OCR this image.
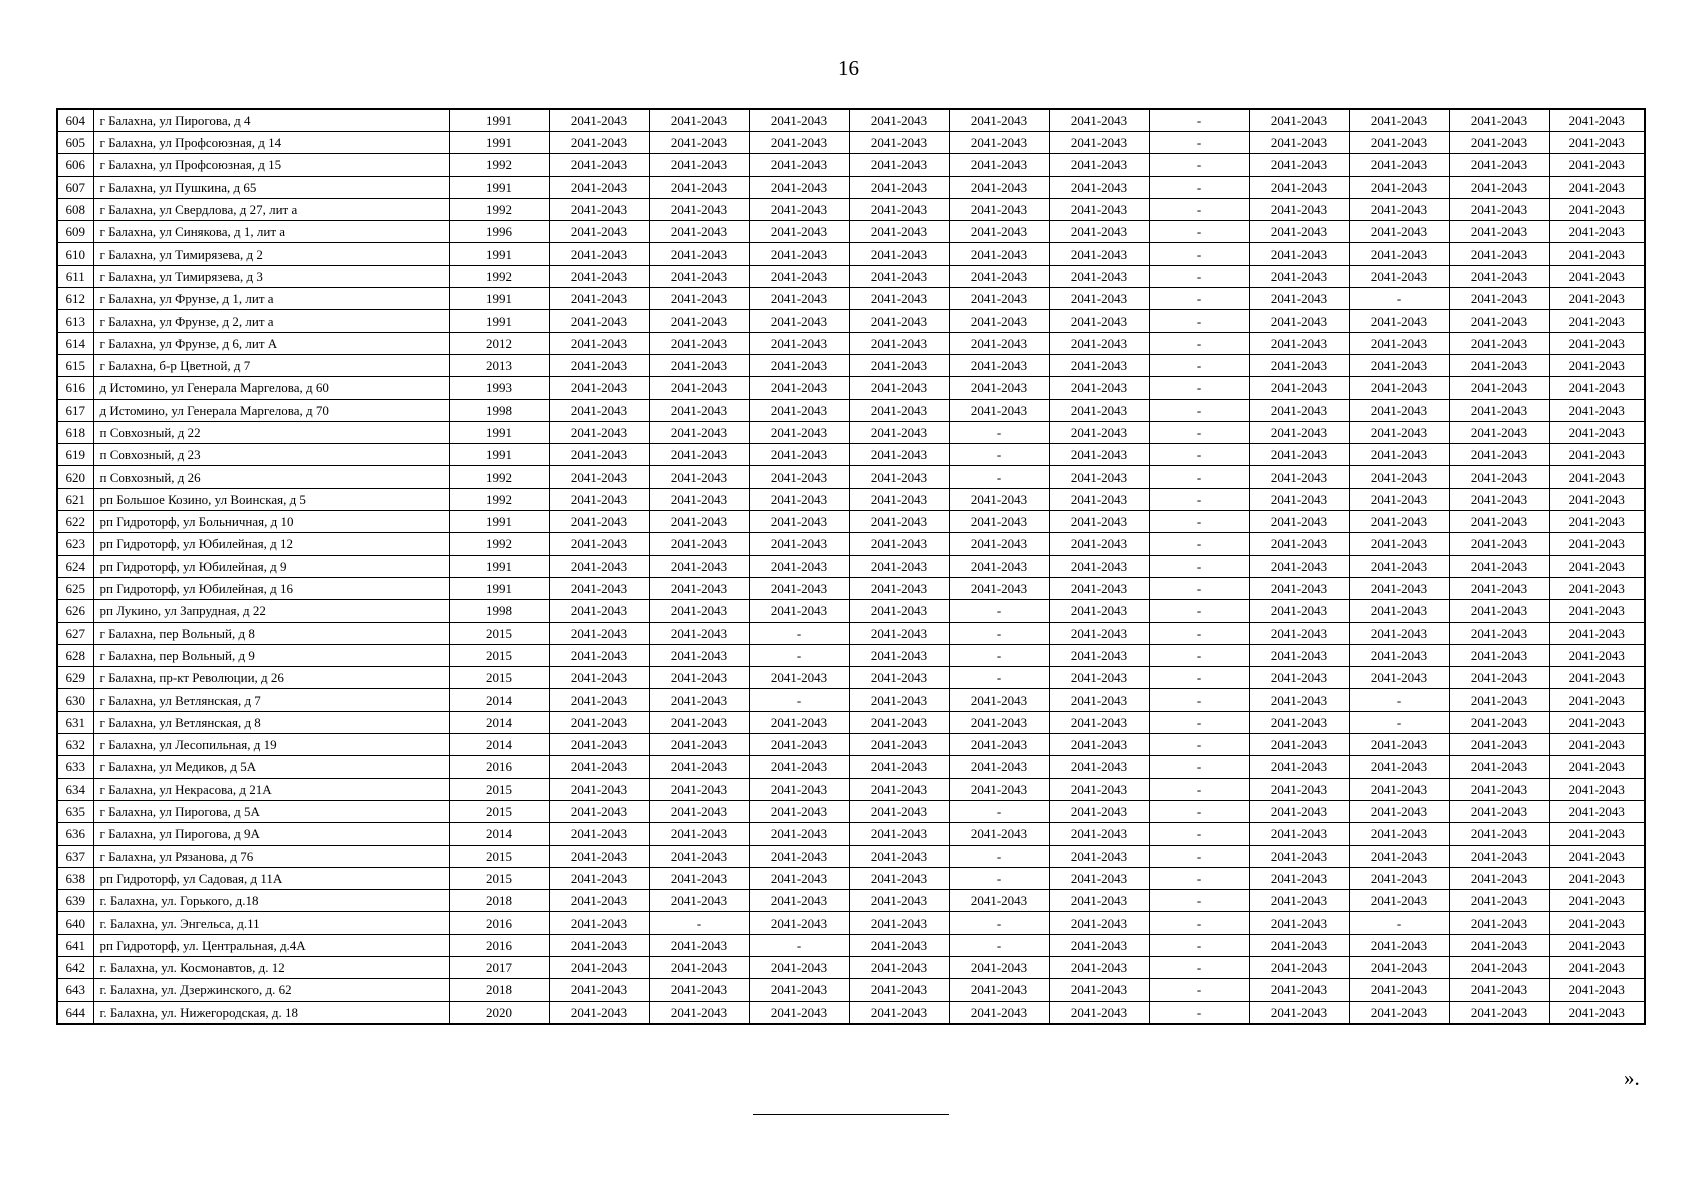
16
604	г Балахна, ул Пирогова, д 4	1991	2041-2043	2041-2043	2041-2043	2041-2043	2041-2043	2041-2043	-	2041-2043	2041-2043	2041-2043	2041-2043
605	г Балахна, ул Профсоюзная, д 14	1991	2041-2043	2041-2043	2041-2043	2041-2043	2041-2043	2041-2043	-	2041-2043	2041-2043	2041-2043	2041-2043
606	г Балахна, ул Профсоюзная, д 15	1992	2041-2043	2041-2043	2041-2043	2041-2043	2041-2043	2041-2043	-	2041-2043	2041-2043	2041-2043	2041-2043
607	г Балахна, ул Пушкина, д 65	1991	2041-2043	2041-2043	2041-2043	2041-2043	2041-2043	2041-2043	-	2041-2043	2041-2043	2041-2043	2041-2043
608	г Балахна, ул Свердлова, д 27, лит а	1992	2041-2043	2041-2043	2041-2043	2041-2043	2041-2043	2041-2043	-	2041-2043	2041-2043	2041-2043	2041-2043
609	г Балахна, ул Синякова, д 1, лит а	1996	2041-2043	2041-2043	2041-2043	2041-2043	2041-2043	2041-2043	-	2041-2043	2041-2043	2041-2043	2041-2043
610	г Балахна, ул Тимирязева, д 2	1991	2041-2043	2041-2043	2041-2043	2041-2043	2041-2043	2041-2043	-	2041-2043	2041-2043	2041-2043	2041-2043
611	г Балахна, ул Тимирязева, д 3	1992	2041-2043	2041-2043	2041-2043	2041-2043	2041-2043	2041-2043	-	2041-2043	2041-2043	2041-2043	2041-2043
612	г Балахна, ул Фрунзе, д 1, лит а	1991	2041-2043	2041-2043	2041-2043	2041-2043	2041-2043	2041-2043	-	2041-2043	-	2041-2043	2041-2043
613	г Балахна, ул Фрунзе, д 2, лит а	1991	2041-2043	2041-2043	2041-2043	2041-2043	2041-2043	2041-2043	-	2041-2043	2041-2043	2041-2043	2041-2043
614	г Балахна, ул Фрунзе, д 6, лит А	2012	2041-2043	2041-2043	2041-2043	2041-2043	2041-2043	2041-2043	-	2041-2043	2041-2043	2041-2043	2041-2043
615	г Балахна, б-р Цветной, д 7	2013	2041-2043	2041-2043	2041-2043	2041-2043	2041-2043	2041-2043	-	2041-2043	2041-2043	2041-2043	2041-2043
616	д Истомино, ул Генерала Маргелова, д 60	1993	2041-2043	2041-2043	2041-2043	2041-2043	2041-2043	2041-2043	-	2041-2043	2041-2043	2041-2043	2041-2043
617	д Истомино, ул Генерала Маргелова, д 70	1998	2041-2043	2041-2043	2041-2043	2041-2043	2041-2043	2041-2043	-	2041-2043	2041-2043	2041-2043	2041-2043
618	п Совхозный, д 22	1991	2041-2043	2041-2043	2041-2043	2041-2043	-	2041-2043	-	2041-2043	2041-2043	2041-2043	2041-2043
619	п Совхозный, д 23	1991	2041-2043	2041-2043	2041-2043	2041-2043	-	2041-2043	-	2041-2043	2041-2043	2041-2043	2041-2043
620	п Совхозный, д 26	1992	2041-2043	2041-2043	2041-2043	2041-2043	-	2041-2043	-	2041-2043	2041-2043	2041-2043	2041-2043
621	рп Большое Козино, ул Воинская, д 5	1992	2041-2043	2041-2043	2041-2043	2041-2043	2041-2043	2041-2043	-	2041-2043	2041-2043	2041-2043	2041-2043
622	рп Гидроторф, ул Больничная, д 10	1991	2041-2043	2041-2043	2041-2043	2041-2043	2041-2043	2041-2043	-	2041-2043	2041-2043	2041-2043	2041-2043
623	рп Гидроторф, ул Юбилейная, д 12	1992	2041-2043	2041-2043	2041-2043	2041-2043	2041-2043	2041-2043	-	2041-2043	2041-2043	2041-2043	2041-2043
624	рп Гидроторф, ул Юбилейная, д 9	1991	2041-2043	2041-2043	2041-2043	2041-2043	2041-2043	2041-2043	-	2041-2043	2041-2043	2041-2043	2041-2043
625	рп Гидроторф, ул Юбилейная, д 16	1991	2041-2043	2041-2043	2041-2043	2041-2043	2041-2043	2041-2043	-	2041-2043	2041-2043	2041-2043	2041-2043
626	рп Лукино, ул Запрудная, д 22	1998	2041-2043	2041-2043	2041-2043	2041-2043	-	2041-2043	-	2041-2043	2041-2043	2041-2043	2041-2043
627	г Балахна, пер Вольный, д 8	2015	2041-2043	2041-2043	-	2041-2043	-	2041-2043	-	2041-2043	2041-2043	2041-2043	2041-2043
628	г Балахна, пер Вольный, д 9	2015	2041-2043	2041-2043	-	2041-2043	-	2041-2043	-	2041-2043	2041-2043	2041-2043	2041-2043
629	г Балахна, пр-кт Революции, д 26	2015	2041-2043	2041-2043	2041-2043	2041-2043	-	2041-2043	-	2041-2043	2041-2043	2041-2043	2041-2043
630	г Балахна, ул Ветлянская, д 7	2014	2041-2043	2041-2043	-	2041-2043	2041-2043	2041-2043	-	2041-2043	-	2041-2043	2041-2043
631	г Балахна, ул Ветлянская, д 8	2014	2041-2043	2041-2043	2041-2043	2041-2043	2041-2043	2041-2043	-	2041-2043	-	2041-2043	2041-2043
632	г Балахна, ул Лесопильная, д 19	2014	2041-2043	2041-2043	2041-2043	2041-2043	2041-2043	2041-2043	-	2041-2043	2041-2043	2041-2043	2041-2043
633	г Балахна, ул Медиков, д 5А	2016	2041-2043	2041-2043	2041-2043	2041-2043	2041-2043	2041-2043	-	2041-2043	2041-2043	2041-2043	2041-2043
634	г Балахна, ул Некрасова, д 21А	2015	2041-2043	2041-2043	2041-2043	2041-2043	2041-2043	2041-2043	-	2041-2043	2041-2043	2041-2043	2041-2043
635	г Балахна, ул Пирогова, д 5А	2015	2041-2043	2041-2043	2041-2043	2041-2043	-	2041-2043	-	2041-2043	2041-2043	2041-2043	2041-2043
636	г Балахна, ул Пирогова, д 9А	2014	2041-2043	2041-2043	2041-2043	2041-2043	2041-2043	2041-2043	-	2041-2043	2041-2043	2041-2043	2041-2043
637	г Балахна, ул Рязанова, д 76	2015	2041-2043	2041-2043	2041-2043	2041-2043	-	2041-2043	-	2041-2043	2041-2043	2041-2043	2041-2043
638	рп Гидроторф, ул Садовая, д 11А	2015	2041-2043	2041-2043	2041-2043	2041-2043	-	2041-2043	-	2041-2043	2041-2043	2041-2043	2041-2043
639	г. Балахна, ул. Горького, д.18	2018	2041-2043	2041-2043	2041-2043	2041-2043	2041-2043	2041-2043	-	2041-2043	2041-2043	2041-2043	2041-2043
640	г. Балахна, ул. Энгельса, д.11	2016	2041-2043	-	2041-2043	2041-2043	-	2041-2043	-	2041-2043	-	2041-2043	2041-2043
641	рп Гидроторф, ул. Центральная, д.4А	2016	2041-2043	2041-2043	-	2041-2043	-	2041-2043	-	2041-2043	2041-2043	2041-2043	2041-2043
642	г. Балахна, ул. Космонавтов, д. 12	2017	2041-2043	2041-2043	2041-2043	2041-2043	2041-2043	2041-2043	-	2041-2043	2041-2043	2041-2043	2041-2043
643	г. Балахна, ул. Дзержинского, д. 62	2018	2041-2043	2041-2043	2041-2043	2041-2043	2041-2043	2041-2043	-	2041-2043	2041-2043	2041-2043	2041-2043
644	г. Балахна, ул. Нижегородская, д. 18	2020	2041-2043	2041-2043	2041-2043	2041-2043	2041-2043	2041-2043	-	2041-2043	2041-2043	2041-2043	2041-2043
».
